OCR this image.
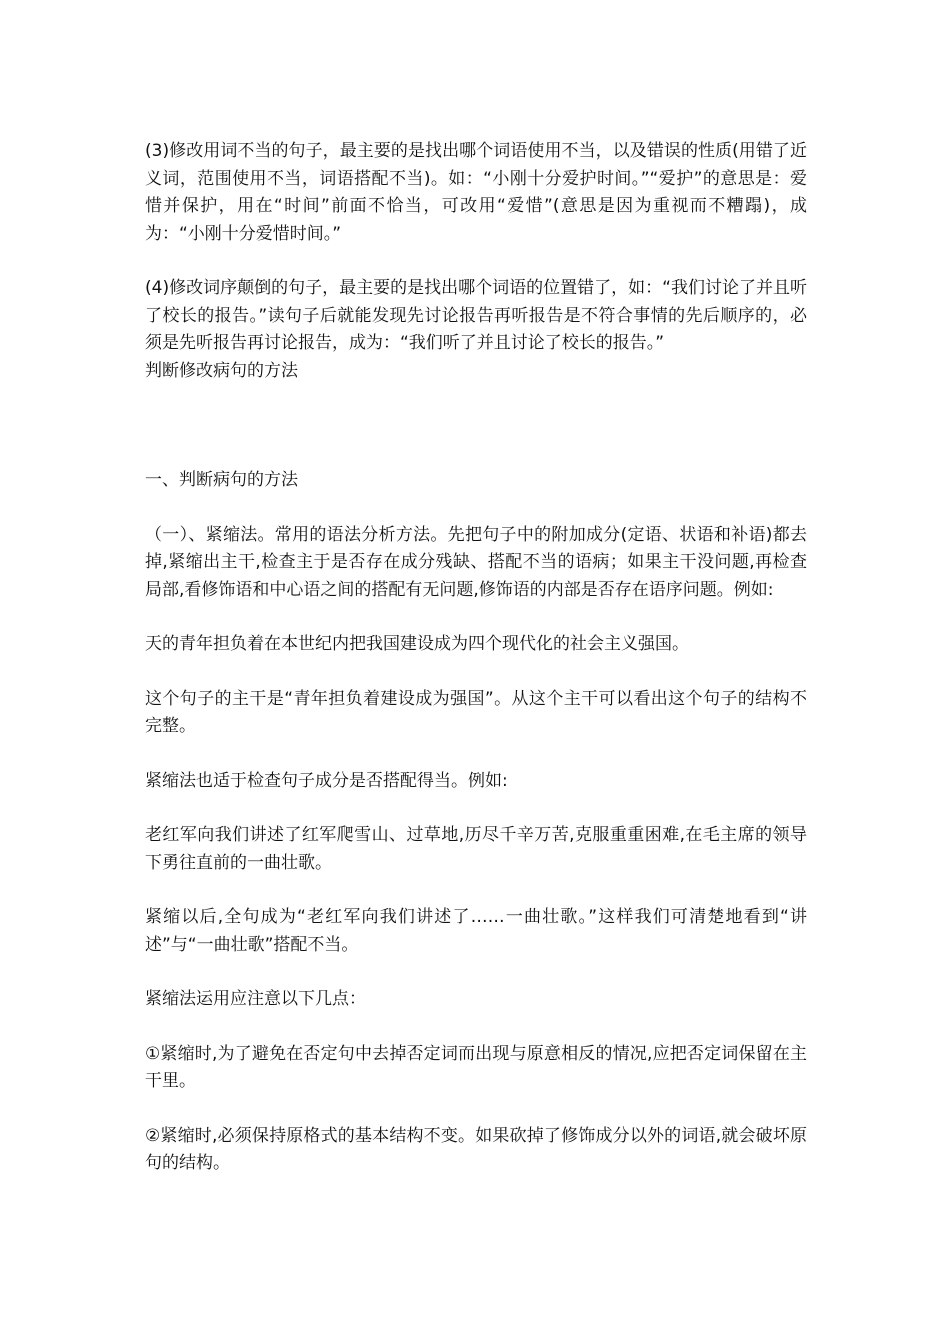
(3)修改用词不当的句子，最主要的是找出哪个词语使用不当，以及错误的性质(用错了近义词，范围使用不当，词语搭配不当)。如：“小刚十分爱护时间。”“爱护”的意思是：爱惜并保护，用在“时间”前面不恰当，可改用“爱惜”(意思是因为重视而不糟蹋)，成为：“小刚十分爱惜时间。”

(4)修改词序颠倒的句子，最主要的是找出哪个词语的位置错了，如：“我们讨论了并且听了校长的报告。”读句子后就能发现先讨论报告再听报告是不符合事情的先后顺序的，必须是先听报告再讨论报告，成为：“我们听了并且讨论了校长的报告。”

判断修改病句的方法

一、判断病句的方法

（一）、紧缩法。常用的语法分析方法。先把句子中的附加成分(定语、状语和补语)都去掉,紧缩出主干,检查主于是否存在成分残缺、搭配不当的语病；如果主干没问题,再检查局部,看修饰语和中心语之间的搭配有无问题,修饰语的内部是否存在语序问题。例如:

天的青年担负着在本世纪内把我国建设成为四个现代化的社会主义强国。

这个句子的主干是“青年担负着建设成为强国”。从这个主干可以看出这个句子的结构不完整。

紧缩法也适于检查句子成分是否搭配得当。例如:

老红军向我们讲述了红军爬雪山、过草地,历尽千辛万苦,克服重重困难,在毛主席的领导下勇往直前的一曲壮歌。

紧缩以后,全句成为“老红军向我们讲述了……一曲壮歌。”这样我们可清楚地看到“讲述”与“一曲壮歌”搭配不当。

紧缩法运用应注意以下几点：

①紧缩时,为了避免在否定句中去掉否定词而出现与原意相反的情况,应把否定词保留在主干里。

②紧缩时,必须保持原格式的基本结构不变。如果砍掉了修饰成分以外的词语,就会破坏原句的结构。
